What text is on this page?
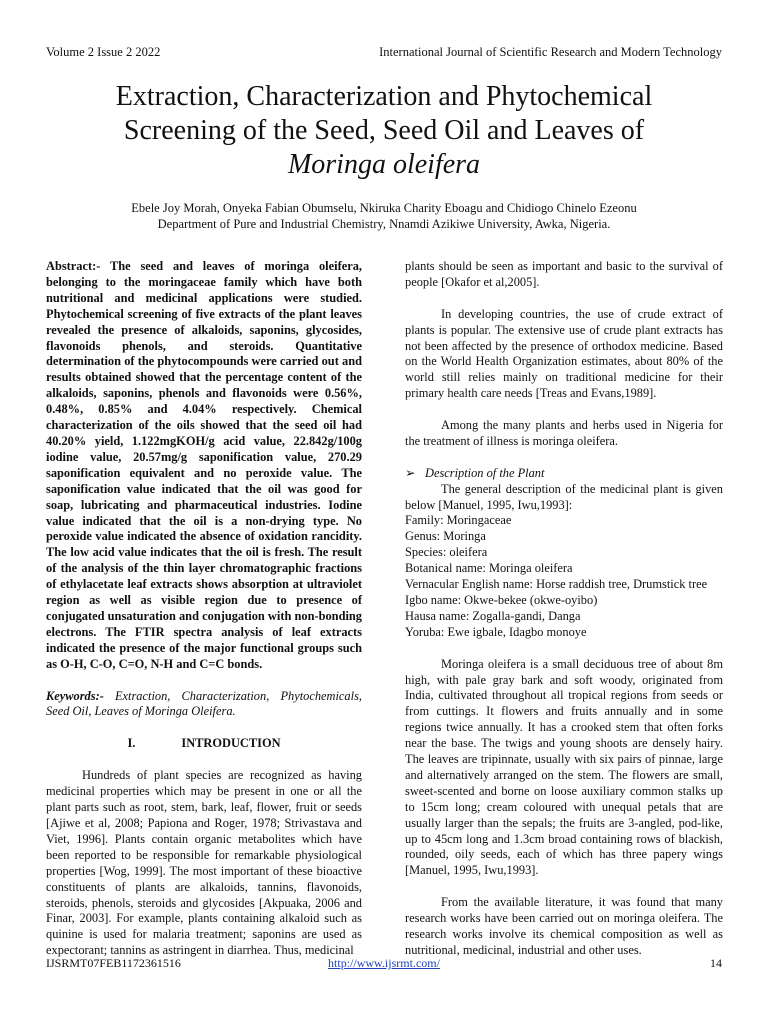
Volume 2 Issue 2 2022	International Journal of Scientific Research and Modern Technology
Extraction, Characterization and Phytochemical
Screening of the Seed, Seed Oil and Leaves of
Moringa oleifera
Ebele Joy Morah, Onyeka Fabian Obumselu, Nkiruka Charity Eboagu and Chidiogo Chinelo Ezeonu
Department of Pure and Industrial Chemistry, Nnamdi Azikiwe University, Awka, Nigeria.

Abstract:- The seed and leaves of moringa oleifera, belonging to the moringaceae family which have both nutritional and medicinal applications were studied. Phytochemical screening of five extracts of the plant leaves revealed the presence of alkaloids, saponins, glycosides, flavonoids phenols, and steroids. Quantitative determination of the phytocompounds were carried out and results obtained showed that the percentage content of the alkaloids, saponins, phenols and flavonoids were 0.56%, 0.48%, 0.85% and 4.04% respectively. Chemical characterization of the oils showed that the seed oil had 40.20% yield, 1.122mgKOH/g acid value, 22.842g/100g iodine value, 20.57mg/g saponification value, 270.29 saponification equivalent and no peroxide value. The saponification value indicated that the oil was good for soap, lubricating and pharmaceutical industries. Iodine value indicated that the oil is a non-drying type. No peroxide value indicated the absence of oxidation rancidity. The low acid value indicates that the oil is fresh. The result of the analysis of the thin layer chromatographic fractions of ethylacetate leaf extracts shows absorption at ultraviolet region as well as visible region due to presence of conjugated unsaturation and conjugation with non-bonding electrons. The FTIR spectra analysis of leaf extracts indicated the presence of the major functional groups such as O-H, C-O, C=O, N-H and C=C bonds.

Keywords:- Extraction, Characterization, Phytochemicals, Seed Oil, Leaves of Moringa Oleifera.

I.	INTRODUCTION

Hundreds of plant species are recognized as having medicinal properties which may be present in one or all the plant parts such as root, stem, bark, leaf, flower, fruit or seeds [Ajiwe et al, 2008; Papiona and Roger, 1978; Strivastava and Viet, 1996]. Plants contain organic metabolites which have been reported to be responsible for remarkable physiological properties [Wog, 1999]. The most important of these bioactive constituents of plants are alkaloids, tannins, flavonoids, steroids, phenols, steroids and glycosides [Akpuaka, 2006 and Finar, 2003]. For example, plants containing alkaloid such as quinine is used for malaria treatment; saponins are used as expectorant; tannins as astringent in diarrhea. Thus, medicinal

plants should be seen as important and basic to the survival of people [Okafor et al,2005].

In developing countries, the use of crude extract of plants is popular. The extensive use of crude plant extracts has not been affected by the presence of orthodox medicine. Based on the World Health Organization estimates, about 80% of the world still relies mainly on traditional medicine for their primary health care needs [Treas and Evans,1989].

Among the many plants and herbs used in Nigeria for the treatment of illness is moringa oleifera.

➢ Description of the Plant

The general description of the medicinal plant is given below [Manuel, 1995, Iwu,1993]:

Family: Moringaceae

Genus: Moringa

Species: oleifera

Botanical name: Moringa oleifera

Vernacular English name: Horse raddish tree, Drumstick tree

Igbo name: Okwe-bekee (okwe-oyibo)

Hausa name: Zogalla-gandi, Danga

Yoruba: Ewe igbale, Idagbo monoye

Moringa oleifera is a small deciduous tree of about 8m high, with pale gray bark and soft woody, originated from India, cultivated throughout all tropical regions from seeds or from cuttings. It flowers and fruits annually and in some regions twice annually. It has a crooked stem that often forks near the base. The twigs and young shoots are densely hairy. The leaves are tripinnate, usually with six pairs of pinnae, large and alternatively arranged on the stem. The flowers are small, sweet-scented and borne on loose auxiliary common stalks up to 15cm long; cream coloured with unequal petals that are usually larger than the sepals; the fruits are 3-angled, pod-like, up to 45cm long and 1.3cm broad containing rows of blackish, rounded, oily seeds, each of which has three papery wings [Manuel, 1995, Iwu,1993].

From the available literature, it was found that many research works have been carried out on moringa oleifera. The research works involve its chemical composition as well as nutritional, medicinal, industrial and other uses.

IJSRMT07FEB1172361516	http://www.ijsrmt.com/	14
